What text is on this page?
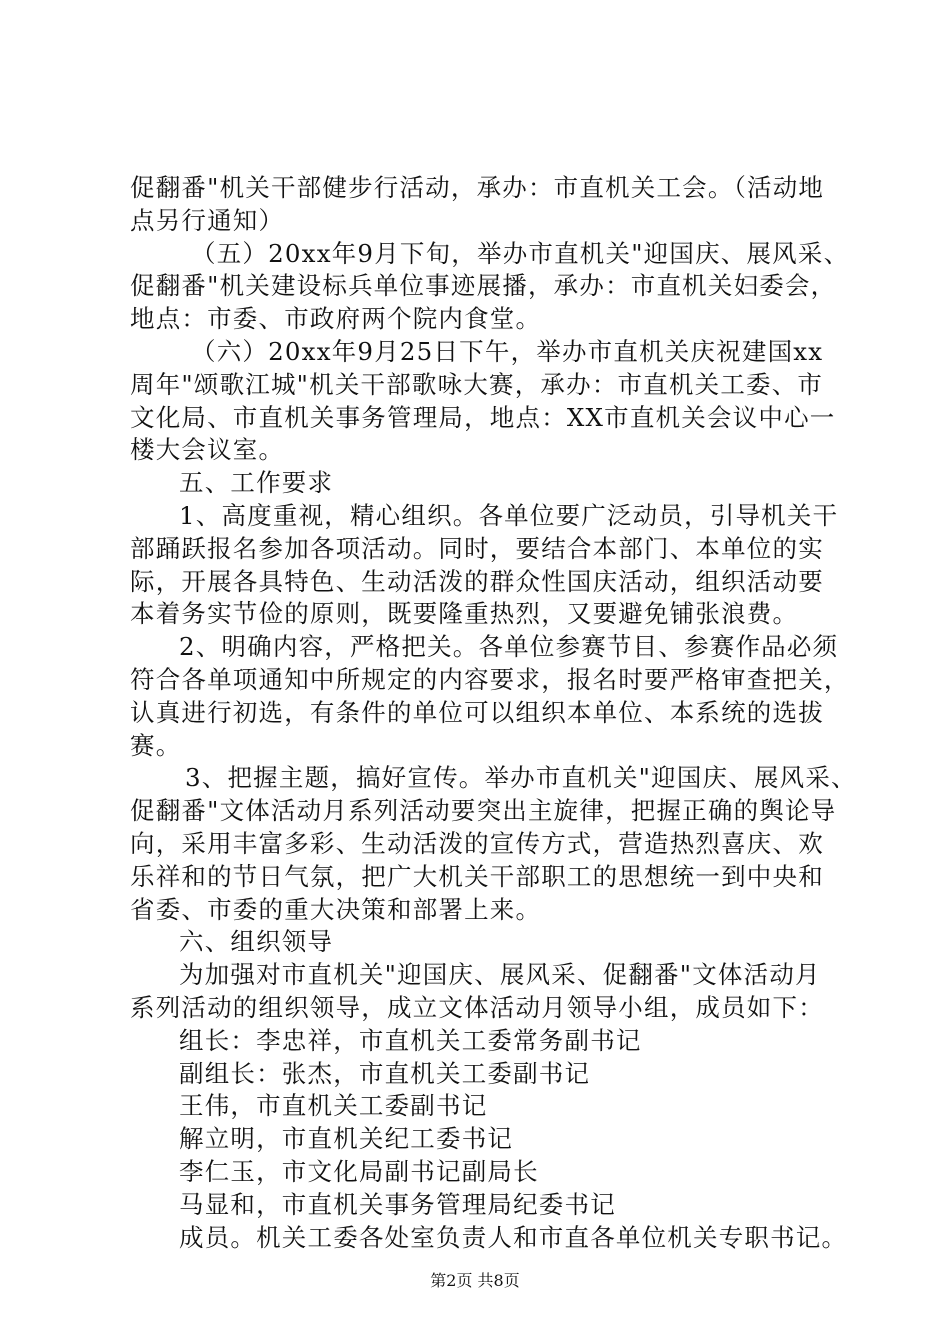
促翻番"机关干部健步行活动，承办：市直机关工会。（活动地
点另行通知）
（五）20xx年9月下旬，举办市直机关"迎国庆、展风采、
促翻番"机关建设标兵单位事迹展播，承办：市直机关妇委会，
地点：市委、市政府两个院内食堂。
（六）20xx年9月25日下午，举办市直机关庆祝建国xx
周年"颂歌江城"机关干部歌咏大赛，承办：市直机关工委、市
文化局、市直机关事务管理局，地点：XX市直机关会议中心一
楼大会议室。
五、工作要求
1、高度重视，精心组织。各单位要广泛动员，引导机关干
部踊跃报名参加各项活动。同时，要结合本部门、本单位的实
际，开展各具特色、生动活泼的群众性国庆活动，组织活动要
本着务实节俭的原则，既要隆重热烈，又要避免铺张浪费。
2、明确内容，严格把关。各单位参赛节目、参赛作品必须
符合各单项通知中所规定的内容要求，报名时要严格审查把关，
认真进行初选，有条件的单位可以组织本单位、本系统的选拔
赛。
3、把握主题，搞好宣传。举办市直机关"迎国庆、展风采、
促翻番"文体活动月系列活动要突出主旋律，把握正确的舆论导
向，采用丰富多彩、生动活泼的宣传方式，营造热烈喜庆、欢
乐祥和的节日气氛，把广大机关干部职工的思想统一到中央和
省委、市委的重大决策和部署上来。
六、组织领导
为加强对市直机关"迎国庆、展风采、促翻番"文体活动月
系列活动的组织领导，成立文体活动月领导小组，成员如下：
组长：李忠祥，市直机关工委常务副书记
副组长：张杰，市直机关工委副书记
王伟，市直机关工委副书记
解立明，市直机关纪工委书记
李仁玉，市文化局副书记副局长
马显和，市直机关事务管理局纪委书记
成员。机关工委各处室负责人和市直各单位机关专职书记。
第2页 共8页
